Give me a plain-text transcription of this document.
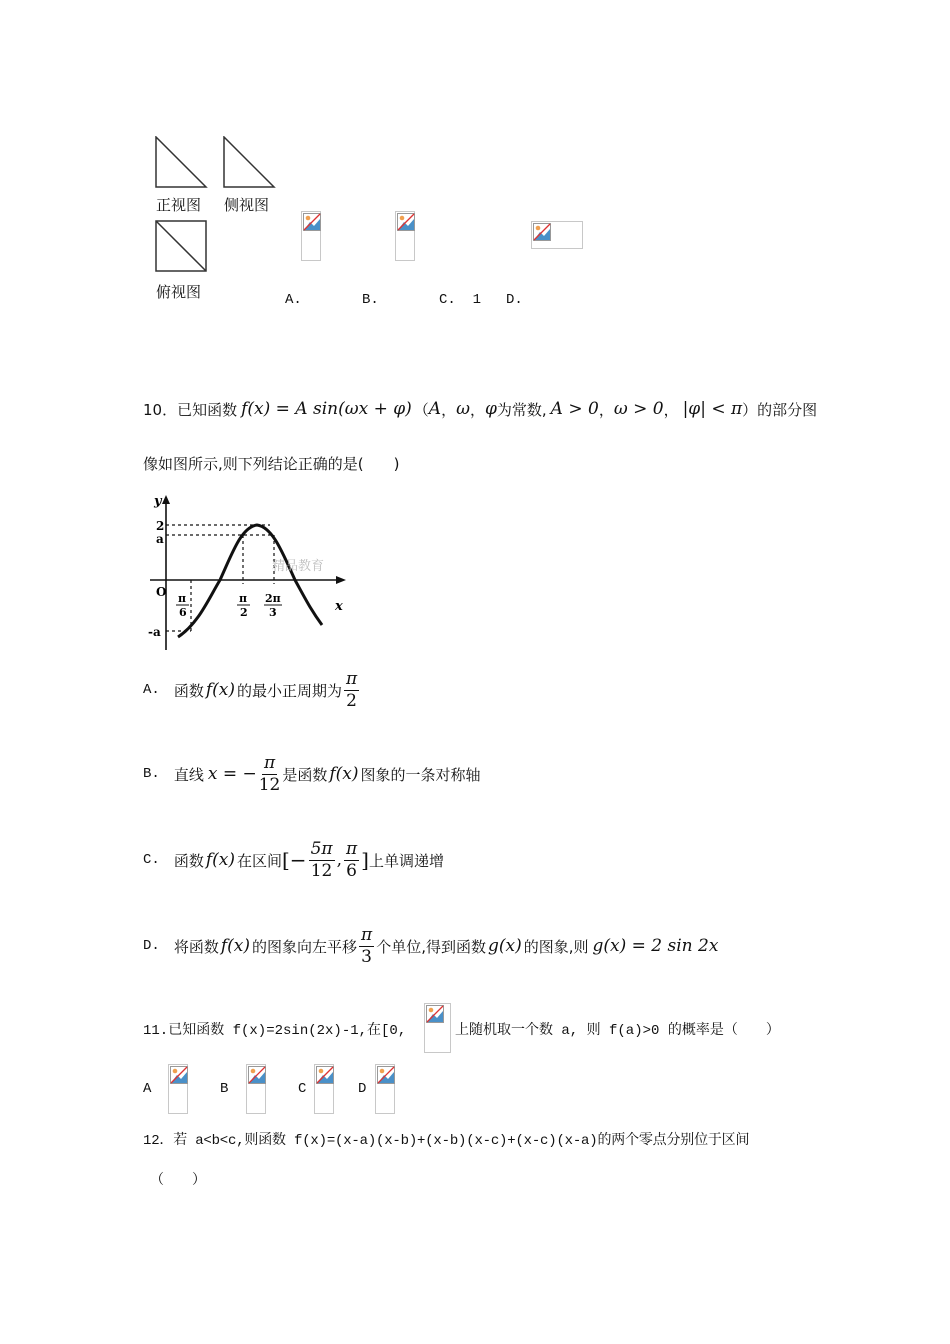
正视图 侧视图
俯视图	A.	B.	C.  1 D.
10． 已知函数 f(x) = A sin(ωx + φ) （ A ， ω ， φ 为常数, A > 0 ， ω > 0 ， |φ| < π ）的部分图
像如图所示,则下列结论正确的是(　　)
y
x
O
2
a
-a
π
6
π
2
2π
3
精品教育
A. 函数 f(x) 的最小正周期为 $\frac{\pi}{2}$
B. 直线 x = − $\frac{\pi}{12}$ 是函数 f(x) 图象的一条对称轴
C. 函数 f(x) 在区间 [− $\frac{5\pi}{12}$ , $\frac{\pi}{6}$ ] 上单调递增
D. 将函数 f(x) 的图象向左平移 $\frac{\pi}{3}$ 个单位,得到函数 g(x) 的图象,则 g(x) = 2 sin 2x
11.已知函数 f(x)=2sin(2x)-1,在[0,	上随机取一个数 a, 则 f(a)>0 的概率是（　　）
A	B	C	D
12．若 a<b<c,则函数 f(x)=(x-a)(x-b)+(x-b)(x-c)+(x-c)(x-a)的两个零点分别位于区间
（　　）
